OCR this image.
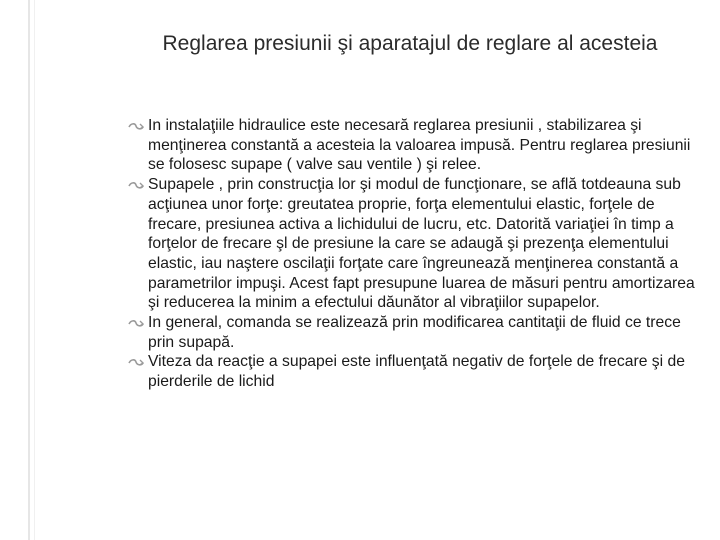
Reglarea presiunii şi aparatajul de reglare al acesteia
In instalaţiile hidraulice este necesară reglarea presiunii , stabilizarea şi menţinerea constantă a acesteia la valoarea impusă. Pentru reglarea presiunii se folosesc supape ( valve sau ventile ) şi relee.
Supapele , prin construcţia lor şi modul de funcţionare, se află totdeauna sub acţiunea unor forţe: greutatea proprie, forţa elementului elastic, forţele de frecare, presiunea activa a lichidului de lucru, etc. Datorită variaţiei în timp a forţelor de frecare şl de presiune la care se adaugă şi prezenţa elementului elastic, iau naştere oscilaţii forţate care îngreunează menţinerea constantă a parametrilor impuşi. Acest fapt presupune luarea de măsuri pentru amortizarea şi reducerea la minim a efectului dăunător al vibraţiilor supapelor.
In general, comanda se realizează prin modificarea cantitaţii de fluid ce trece prin supapă.
Viteza da reacţie a supapei este influenţată negativ de forţele de frecare şi de pierderile de lichid
